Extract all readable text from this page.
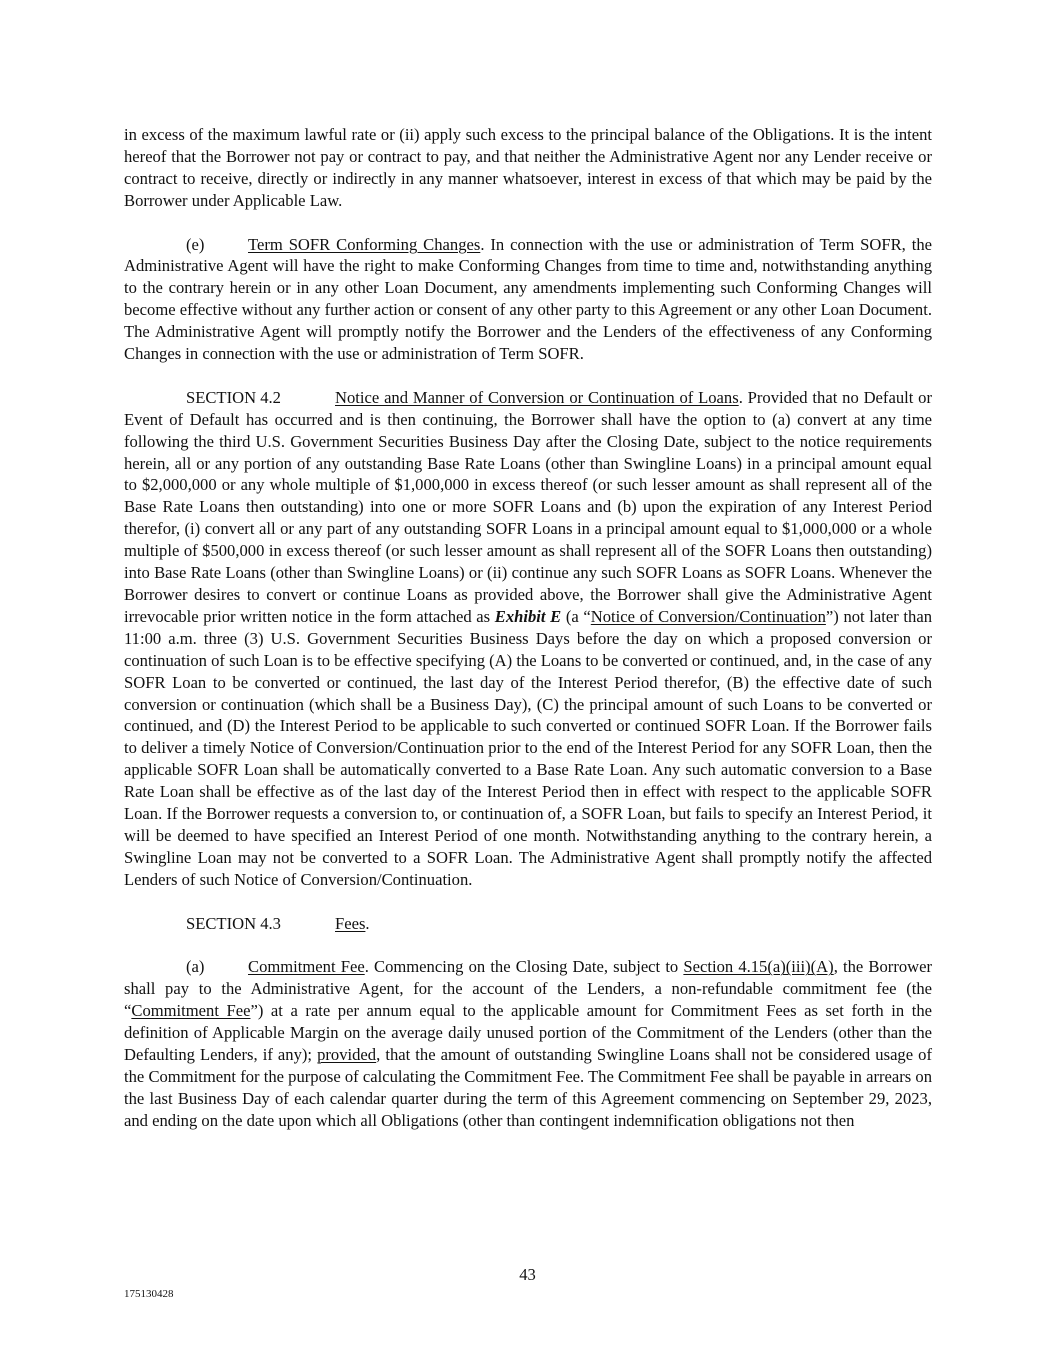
in excess of the maximum lawful rate or (ii) apply such excess to the principal balance of the Obligations. It is the intent hereof that the Borrower not pay or contract to pay, and that neither the Administrative Agent nor any Lender receive or contract to receive, directly or indirectly in any manner whatsoever, interest in excess of that which may be paid by the Borrower under Applicable Law.

(e)	Term SOFR Conforming Changes. In connection with the use or administration of Term SOFR, the Administrative Agent will have the right to make Conforming Changes from time to time and, notwithstanding anything to the contrary herein or in any other Loan Document, any amendments implementing such Conforming Changes will become effective without any further action or consent of any other party to this Agreement or any other Loan Document. The Administrative Agent will promptly notify the Borrower and the Lenders of the effectiveness of any Conforming Changes in connection with the use or administration of Term SOFR.

SECTION 4.2	Notice and Manner of Conversion or Continuation of Loans. Provided that no Default or Event of Default has occurred and is then continuing, the Borrower shall have the option to (a) convert at any time following the third U.S. Government Securities Business Day after the Closing Date, subject to the notice requirements herein, all or any portion of any outstanding Base Rate Loans (other than Swingline Loans) in a principal amount equal to $2,000,000 or any whole multiple of $1,000,000 in excess thereof (or such lesser amount as shall represent all of the Base Rate Loans then outstanding) into one or more SOFR Loans and (b) upon the expiration of any Interest Period therefor, (i) convert all or any part of any outstanding SOFR Loans in a principal amount equal to $1,000,000 or a whole multiple of $500,000 in excess thereof (or such lesser amount as shall represent all of the SOFR Loans then outstanding) into Base Rate Loans (other than Swingline Loans) or (ii) continue any such SOFR Loans as SOFR Loans. Whenever the Borrower desires to convert or continue Loans as provided above, the Borrower shall give the Administrative Agent irrevocable prior written notice in the form attached as Exhibit E (a “Notice of Conversion/Continuation”) not later than 11:00 a.m. three (3) U.S. Government Securities Business Days before the day on which a proposed conversion or continuation of such Loan is to be effective specifying (A) the Loans to be converted or continued, and, in the case of any SOFR Loan to be converted or continued, the last day of the Interest Period therefor, (B) the effective date of such conversion or continuation (which shall be a Business Day), (C) the principal amount of such Loans to be converted or continued, and (D) the Interest Period to be applicable to such converted or continued SOFR Loan. If the Borrower fails to deliver a timely Notice of Conversion/Continuation prior to the end of the Interest Period for any SOFR Loan, then the applicable SOFR Loan shall be automatically converted to a Base Rate Loan. Any such automatic conversion to a Base Rate Loan shall be effective as of the last day of the Interest Period then in effect with respect to the applicable SOFR Loan. If the Borrower requests a conversion to, or continuation of, a SOFR Loan, but fails to specify an Interest Period, it will be deemed to have specified an Interest Period of one month. Notwithstanding anything to the contrary herein, a Swingline Loan may not be converted to a SOFR Loan. The Administrative Agent shall promptly notify the affected Lenders of such Notice of Conversion/Continuation.

SECTION 4.3	Fees.

(a)	Commitment Fee. Commencing on the Closing Date, subject to Section 4.15(a)(iii)(A), the Borrower shall pay to the Administrative Agent, for the account of the Lenders, a non-refundable commitment fee (the “Commitment Fee”) at a rate per annum equal to the applicable amount for Commitment Fees as set forth in the definition of Applicable Margin on the average daily unused portion of the Commitment of the Lenders (other than the Defaulting Lenders, if any); provided, that the amount of outstanding Swingline Loans shall not be considered usage of the Commitment for the purpose of calculating the Commitment Fee. The Commitment Fee shall be payable in arrears on the last Business Day of each calendar quarter during the term of this Agreement commencing on September 29, 2023, and ending on the date upon which all Obligations (other than contingent indemnification obligations not then

43
175130428
